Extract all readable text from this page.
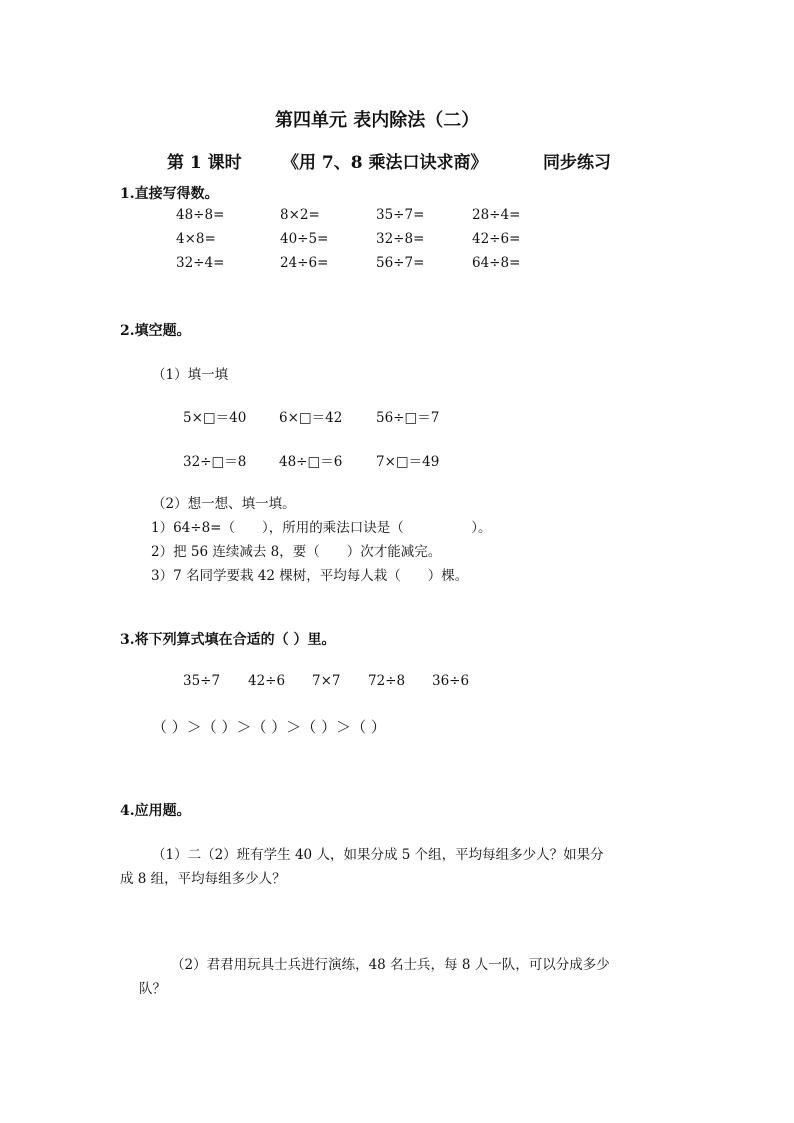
第四单元 表内除法（二）
第 1 课时 《用 7、8 乘法口诀求商》	同步练习
1.直接写得数。
48÷8=	8×2=	35÷7=	28÷4=
4×8=	40÷5=	32÷8=	42÷6=
32÷4=	24÷6=	56÷7=	64÷8=
2.填空题。
（1）填一填
5×□＝40 6×□＝42 56÷□＝7
32÷□＝8 48÷□＝6 7×□＝49
（2）想一想、填一填。
1）64÷8=（　　），所用的乘法口诀是（　　　　　）。
2）把 56 连续减去 8，要（　　）次才能减完。
3）7 名同学要栽 42 棵树，平均每人栽（　　）棵。
3.将下列算式填在合适的（ ）里。
35÷7 42÷6 7×7 72÷8 36÷6
（ ）＞（ ）＞（ ）＞（ ）＞（ ）
4.应用题。
（1）二（2）班有学生 40 人，如果分成 5 个组，平均每组多少人？如果分
成 8 组，平均每组多少人？
（2）君君用玩具士兵进行演练，48 名士兵，每 8 人一队，可以分成多少
队？
